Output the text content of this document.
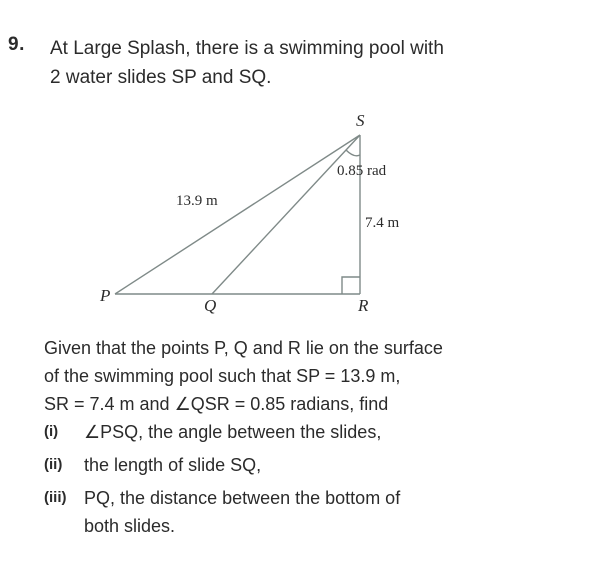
9. At Large Splash, there is a swimming pool with
2 water slides SP and SQ.
S
P
Q	R
0.85 rad
13.9 m
7.4 m
Given that the points P, Q and R lie on the surface
of the swimming pool such that SP = 13.9 m,
SR = 7.4 m and ∠QSR = 0.85 radians, find
(i) ∠PSQ, the angle between the slides,
(ii) the length of slide SQ,
(iii) PQ, the distance between the bottom of
both slides.
